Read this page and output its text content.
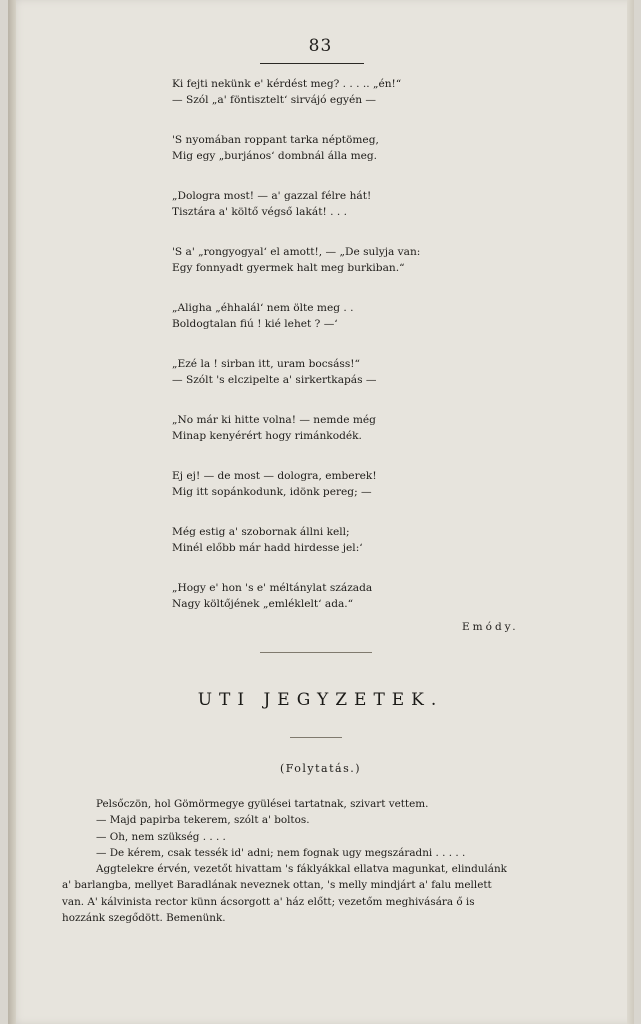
83
Ki fejti nekünk e' kérdést meg? . . . .. „én!“
— Szól „a' föntisztelt‘ sirvájó egyén —
'S nyomában roppant tarka néptömeg,
Mig egy „burjános‘ dombnál álla meg.
„Dologra most! — a' gazzal félre hát!
Tisztára a' költő végső lakát! . . .
'S a' „rongyogyal‘ el amott!, — „De sulyja van:
Egy fonnyadt gyermek halt meg burkiban.“
„Aligha „éhhalál‘ nem ölte meg . .
Boldogtalan fiú ! kié lehet ? —‘
„Ezé la ! sirban itt, uram bocsáss!“
— Szólt 's elczipelte a' sirkertkapás —
„No már ki hitte volna! — nemde még
Minap kenyérért hogy rimánkodék.
Ej ej! — de most — dologra, emberek!
Mig itt sopánkodunk, idönk pereg; —
Még estig a' szobornak állni kell;
Minél előbb már hadd hirdesse jel:‘
„Hogy e' hon 's e' méltánylat százada
Nagy költőjének „emléklelt‘ ada.“
Emódy.
UTI JEGYZETEK.
(Folytatás.)
Pelsőczön, hol Gömörmegye gyülései tartatnak, szivart vettem.
— Majd papirba tekerem, szólt a' boltos.
— Oh, nem szükség . . . .
— De kérem, csak tessék id' adni; nem fognak ugy megszáradni . . . . .
Aggtelekre érvén, vezetőt hivattam 's fáklyákkal ellatva magunkat, elindulánk
a' barlangba, mellyet Baradlának neveznek ottan, 's melly mindjárt a' falu mellett
van. A' kálvinista rector künn ácsorgott a' ház előtt; vezetőm meghivására ő is
hozzánk szegődött. Bemenünk.
